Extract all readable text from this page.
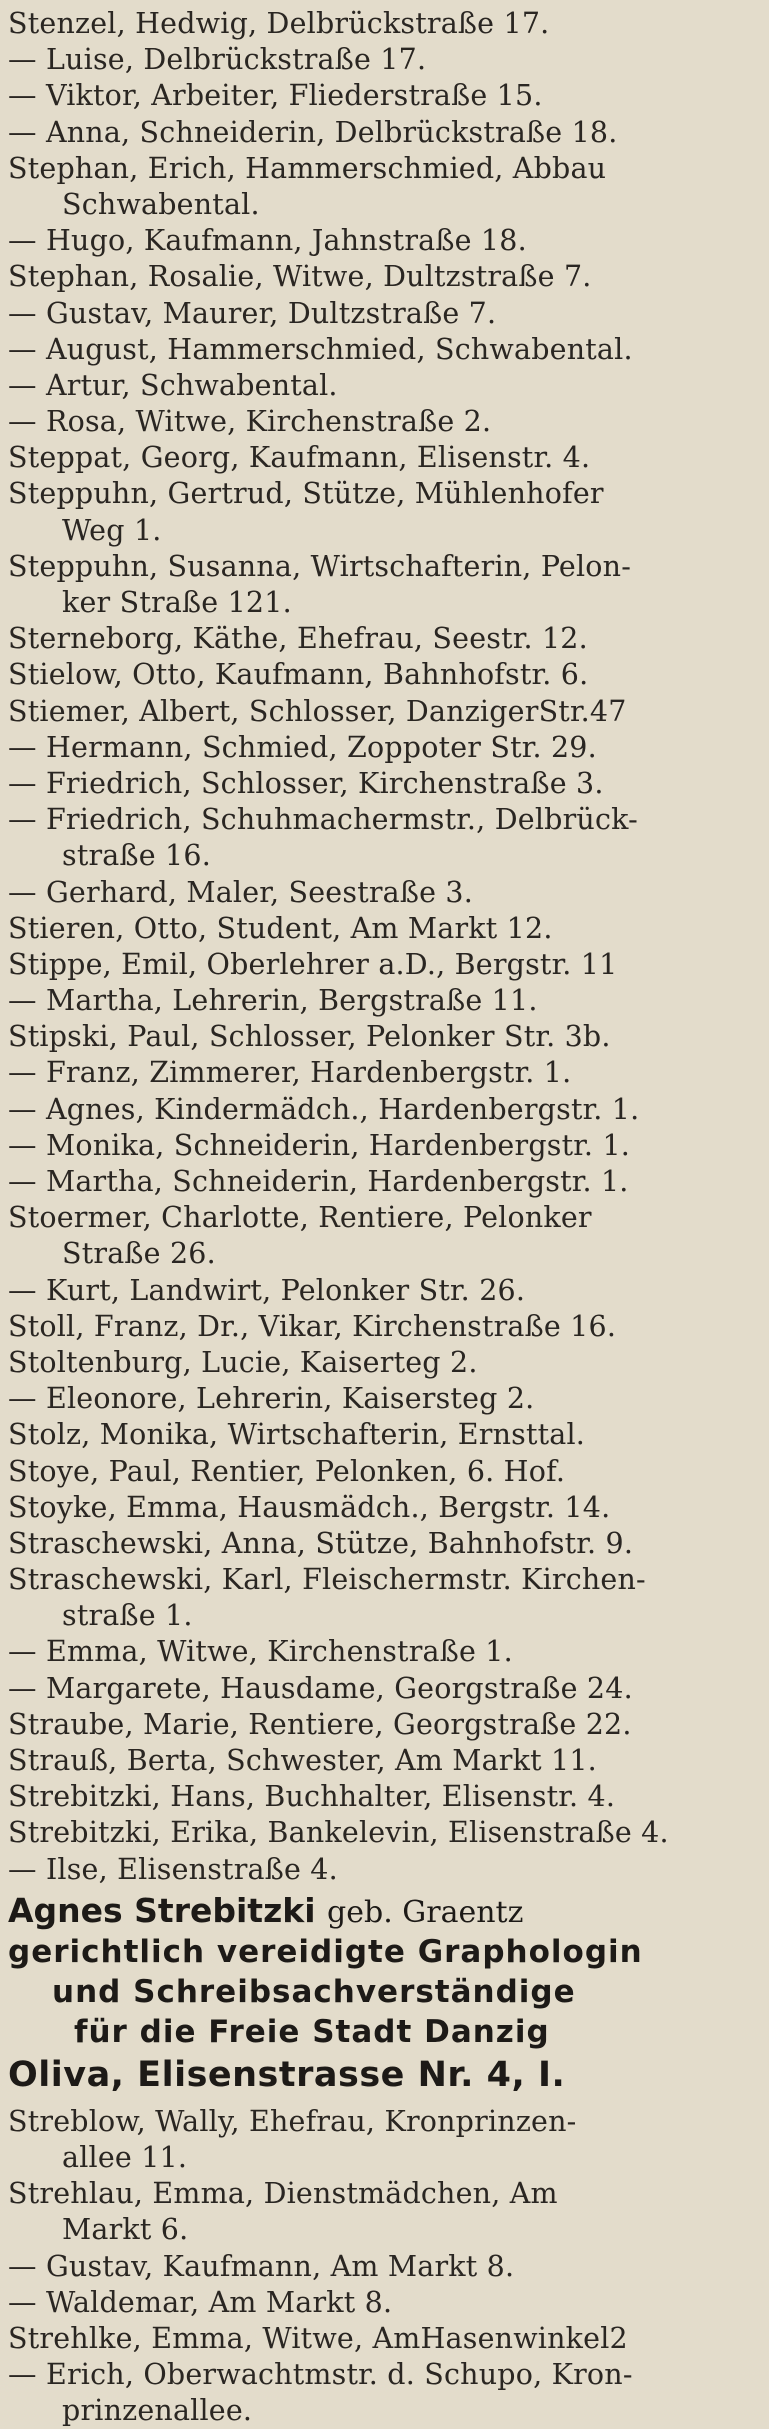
Stenzel, Hedwig, Delbrückstraße 17.
— Luise, Delbrückstraße 17.
— Viktor, Arbeiter, Fliederstraße 15.
— Anna, Schneiderin, Delbrückstraße 18.
Stephan, Erich, Hammerschmied, Abbau
Schwabental.
— Hugo, Kaufmann, Jahnstraße 18.
Stephan, Rosalie, Witwe, Dultzstraße 7.
— Gustav, Maurer, Dultzstraße 7.
— August, Hammerschmied, Schwabental.
— Artur, Schwabental.
— Rosa, Witwe, Kirchenstraße 2.
Steppat, Georg, Kaufmann, Elisenstr. 4.
Steppuhn, Gertrud, Stütze, Mühlenhofer
Weg 1.
Steppuhn, Susanna, Wirtschafterin, Pelon-
ker Straße 121.
Sterneborg, Käthe, Ehefrau, Seestr. 12.
Stielow, Otto, Kaufmann, Bahnhofstr. 6.
Stiemer, Albert, Schlosser, DanzigerStr.47
— Hermann, Schmied, Zoppoter Str. 29.
— Friedrich, Schlosser, Kirchenstraße 3.
— Friedrich, Schuhmachermstr., Delbrück-
straße 16.
— Gerhard, Maler, Seestraße 3.
Stieren, Otto, Student, Am Markt 12.
Stippe, Emil, Oberlehrer a.D., Bergstr. 11
— Martha, Lehrerin, Bergstraße 11.
Stipski, Paul, Schlosser, Pelonker Str. 3b.
— Franz, Zimmerer, Hardenbergstr. 1.
— Agnes, Kindermädch., Hardenbergstr. 1.
— Monika, Schneiderin, Hardenbergstr. 1.
— Martha, Schneiderin, Hardenbergstr. 1.
Stoermer, Charlotte, Rentiere, Pelonker
Straße 26.
— Kurt, Landwirt, Pelonker Str. 26.
Stoll, Franz, Dr., Vikar, Kirchenstraße 16.
Stoltenburg, Lucie, Kaiserteg 2.
— Eleonore, Lehrerin, Kaisersteg 2.
Stolz, Monika, Wirtschafterin, Ernsttal.
Stoye, Paul, Rentier, Pelonken, 6. Hof.
Stoyke, Emma, Hausmädch., Bergstr. 14.
Straschewski, Anna, Stütze, Bahnhofstr. 9.
Straschewski, Karl, Fleischermstr. Kirchen-
straße 1.
— Emma, Witwe, Kirchenstraße 1.
— Margarete, Hausdame, Georgstraße 24.
Straube, Marie, Rentiere, Georgstraße 22.
Strauß, Berta, Schwester, Am Markt 11.
Strebitzki, Hans, Buchhalter, Elisenstr. 4.
Strebitzki, Erika, Bankelevin, Elisenstraße 4.
— Ilse, Elisenstraße 4.
Agnes Strebitzki geb. Graentz
gerichtlich vereidigte Graphologin
und Schreibsachverständige
für die Freie Stadt Danzig
Oliva, Elisenstrasse Nr. 4, I.
Streblow, Wally, Ehefrau, Kronprinzen-
allee 11.
Strehlau, Emma, Dienstmädchen, Am
Markt 6.
— Gustav, Kaufmann, Am Markt 8.
— Waldemar, Am Markt 8.
Strehlke, Emma, Witwe, AmHasenwinkel2
— Erich, Oberwachtmstr. d. Schupo, Kron-
prinzenallee.
